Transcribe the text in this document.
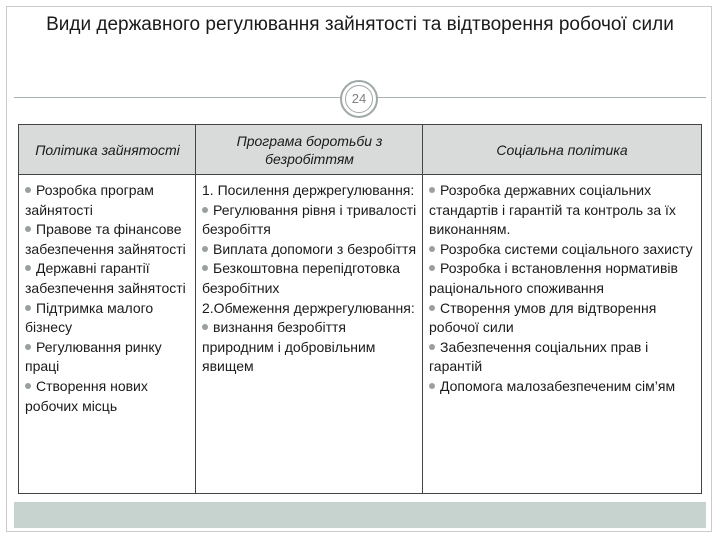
Види державного регулювання зайнятості та відтворення робочої сили
24
Політика зайнятості
Програма боротьби з безробіттям
Соціальна політика

Розробка програм зайнятості

Правове та фінансове забезпечення зайнятості

Державні гарантії забезпечення зайнятості

Підтримка малого бізнесу

Регулювання ринку праці

Створення нових робочих місць

1. Посилення держрегулювання:

Регулювання рівня і тривалості безробіття

Виплата допомоги з безробіття

Безкоштовна перепідготовка безробітних

2.Обмеження держрегулювання:

визнання безробіття природним і добровільним явищем

Розробка державних соціальних стандартів і гарантій та контроль за їх виконанням.

Розробка системи соціального захисту

Розробка і встановлення нормативів раціонального споживання

Створення умов для відтворення робочої сили

Забезпечення соціальних прав і гарантій

Допомога малозабезпеченим сім’ям
